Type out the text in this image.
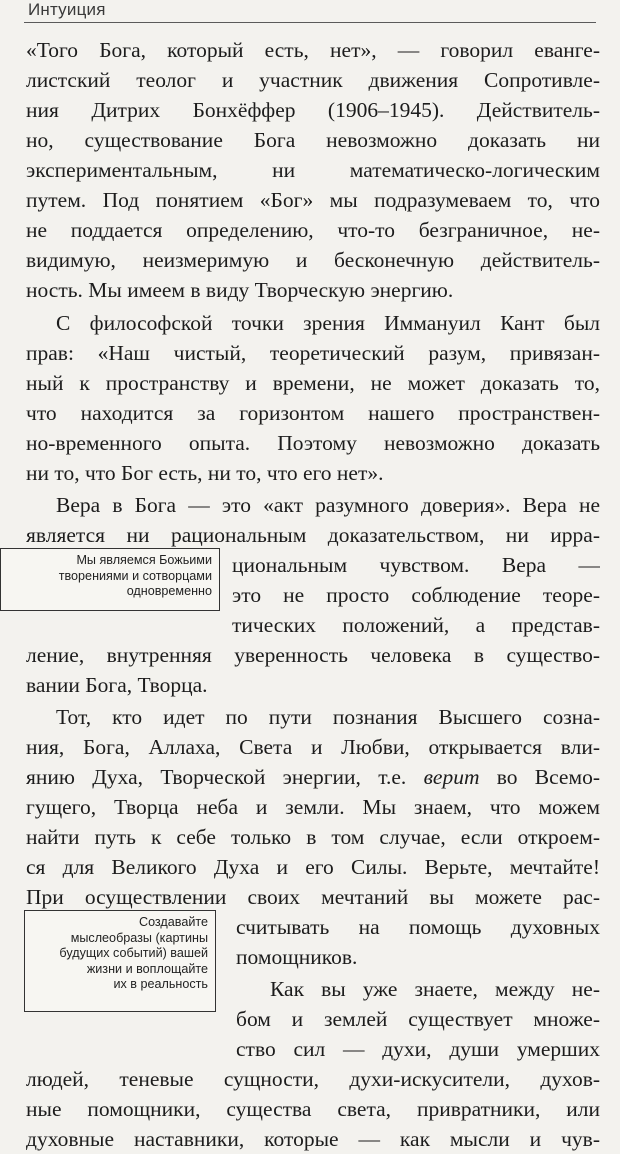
Интуиция
«Того Бога, который есть, нет», — говорил еванге-
листский теолог и участник движения Сопротивле-
ния Дитрих Бонхёффер (1906–1945). Действитель-
но, существование Бога невозможно доказать ни
экспериментальным, ни математическо-логическим
путем. Под понятием «Бог» мы подразумеваем то, что
не поддается определению, что-то безграничное, не-
видимую, неизмеримую и бесконечную действитель-
ность. Мы имеем в виду Творческую энергию.
С философской точки зрения Иммануил Кант был
прав: «Наш чистый, теоретический разум, привязан-
ный к пространству и времени, не может доказать то,
что находится за горизонтом нашего пространствен-
но-временного опыта. Поэтому невозможно доказать
ни то, что Бог есть, ни то, что его нет».
Вера в Бога — это «акт разумного доверия». Вера не
является ни рациональным доказательством, ни ирра-
циональным чувством. Вера —
это не просто соблюдение теоре-
тических положений, а представ-
ление, внутренняя уверенность человека в существо-
вании Бога, Творца.
Тот, кто идет по пути познания Высшего созна-
ния, Бога, Аллаха, Света и Любви, открывается вли-
янию Духа, Творческой энергии, т.е. верит во Всемо-
гущего, Творца неба и земли. Мы знаем, что можем
найти путь к себе только в том случае, если откроем-
ся для Великого Духа и его Силы. Верьте, мечтайте!
При осуществлении своих мечтаний вы можете рас-
считывать на помощь духовных
помощников.
Как вы уже знаете, между не-
бом и землей существует множе-
ство сил — духи, души умерших
людей, теневые сущности, духи-искусители, духов-
ные помощники, существа света, привратники, или
духовные наставники, которые — как мысли и чув-
Мы являемся Божьими
творениями и сотворцами
одновременно
Создавайте
мыслеобразы (картины
будущих событий) вашей
жизни и воплощайте
их в реальность
